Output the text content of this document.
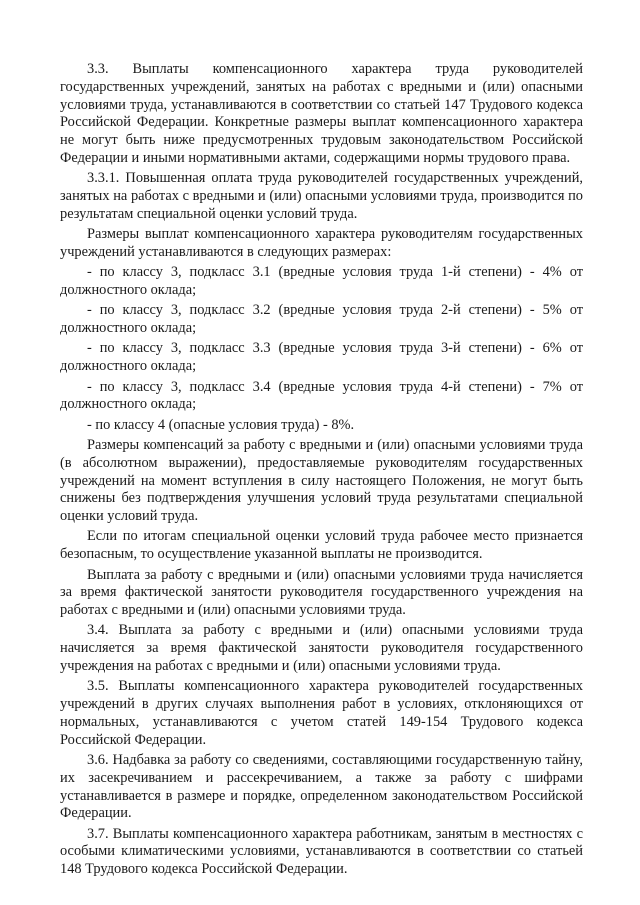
3.3. Выплаты компенсационного характера труда руководителей государственных учреждений, занятых на работах с вредными и (или) опасными условиями труда, устанавливаются в соответствии со статьей 147 Трудового кодекса Российской Федерации. Конкретные размеры выплат компенсационного характера не могут быть ниже предусмотренных трудовым законодательством Российской Федерации и иными нормативными актами, содержащими нормы трудового права.

3.3.1. Повышенная оплата труда руководителей государственных учреждений, занятых на работах с вредными и (или) опасными условиями труда, производится по результатам специальной оценки условий труда.

Размеры выплат компенсационного характера руководителям государственных учреждений устанавливаются в следующих размерах:

- по классу 3, подкласс 3.1 (вредные условия труда 1-й степени) - 4% от должностного оклада;

- по классу 3, подкласс 3.2 (вредные условия труда 2-й степени) - 5% от должностного оклада;

- по классу 3, подкласс 3.3 (вредные условия труда 3-й степени) - 6% от должностного оклада;

- по классу 3, подкласс 3.4 (вредные условия труда 4-й степени) - 7% от должностного оклада;

- по классу 4 (опасные условия труда) - 8%.

Размеры компенсаций за работу с вредными и (или) опасными условиями труда (в абсолютном выражении), предоставляемые руководителям государственных учреждений на момент вступления в силу настоящего Положения, не могут быть снижены без подтверждения улучшения условий труда результатами специальной оценки условий труда.

Если по итогам специальной оценки условий труда рабочее место признается безопасным, то осуществление указанной выплаты не производится.

Выплата за работу с вредными и (или) опасными условиями труда начисляется за время фактической занятости руководителя государственного учреждения на работах с вредными и (или) опасными условиями труда.

3.4. Выплата за работу с вредными и (или) опасными условиями труда начисляется за время фактической занятости руководителя государственного учреждения на работах с вредными и (или) опасными условиями труда.

3.5. Выплаты компенсационного характера руководителей государственных учреждений в других случаях выполнения работ в условиях, отклоняющихся от нормальных, устанавливаются с учетом статей 149-154 Трудового кодекса Российской Федерации.

3.6. Надбавка за работу со сведениями, составляющими государственную тайну, их засекречиванием и рассекречиванием, а также за работу с шифрами устанавливается в размере и порядке, определенном законодательством Российской Федерации.

3.7. Выплаты компенсационного характера работникам, занятым в местностях с особыми климатическими условиями, устанавливаются в соответствии со статьей 148 Трудового кодекса Российской Федерации.
